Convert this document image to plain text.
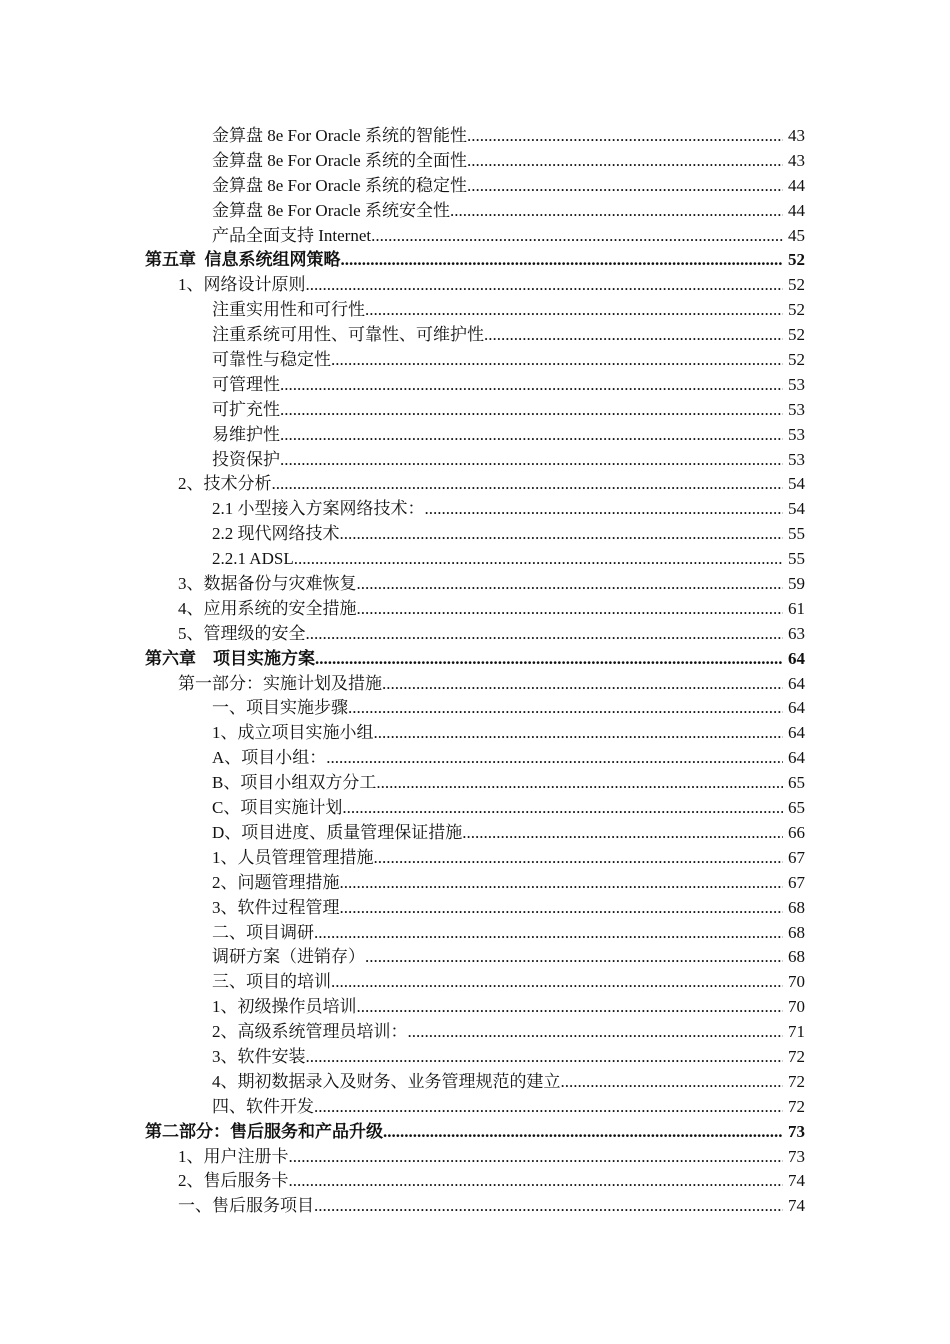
金算盘 8e For Oracle 系统的智能性 .....	43
金算盘 8e For Oracle 系统的全面性 .....	43
金算盘 8e For Oracle 系统的稳定性 .....	44
金算盘 8e For Oracle 系统安全性 .....	44
产品全面支持 Internet .....	45
第五章  信息系统组网策略 .....	52
1、网络设计原则 .....	52
注重实用性和可行性 .....	52
注重系统可用性、可靠性、可维护性 .....	52
可靠性与稳定性 .....	52
可管理性 .....	53
可扩充性 .....	53
易维护性 .....	53
投资保护 .....	53
2、技术分析 .....	54
2.1 小型接入方案网络技术： .....	54
2.2 现代网络技术 .....	55
2.2.1 ADSL .....	55
3、数据备份与灾难恢复 .....	59
4、应用系统的安全措施 .....	61
5、管理级的安全 .....	63
第六章    项目实施方案 .....	64
第一部分：实施计划及措施 .....	64
一、项目实施步骤 .....	64
1、成立项目实施小组 .....	64
A、项目小组： .....	64
B、项目小组双方分工 .....	65
C、项目实施计划 .....	65
D、项目进度、质量管理保证措施 .....	66
1、人员管理管理措施 .....	67
2、问题管理措施 .....	67
3、软件过程管理 .....	68
二、项目调研 .....	68
调研方案（进销存） .....	68
三、项目的培训 .....	70
1、初级操作员培训 .....	70
2、高级系统管理员培训： .....	71
3、软件安装 .....	72
4、期初数据录入及财务、业务管理规范的建立 .....	72
四、软件开发 .....	72
第二部分：售后服务和产品升级 .....	73
1、用户注册卡 .....	73
2、售后服务卡 .....	74
一、售后服务项目 .....	74
